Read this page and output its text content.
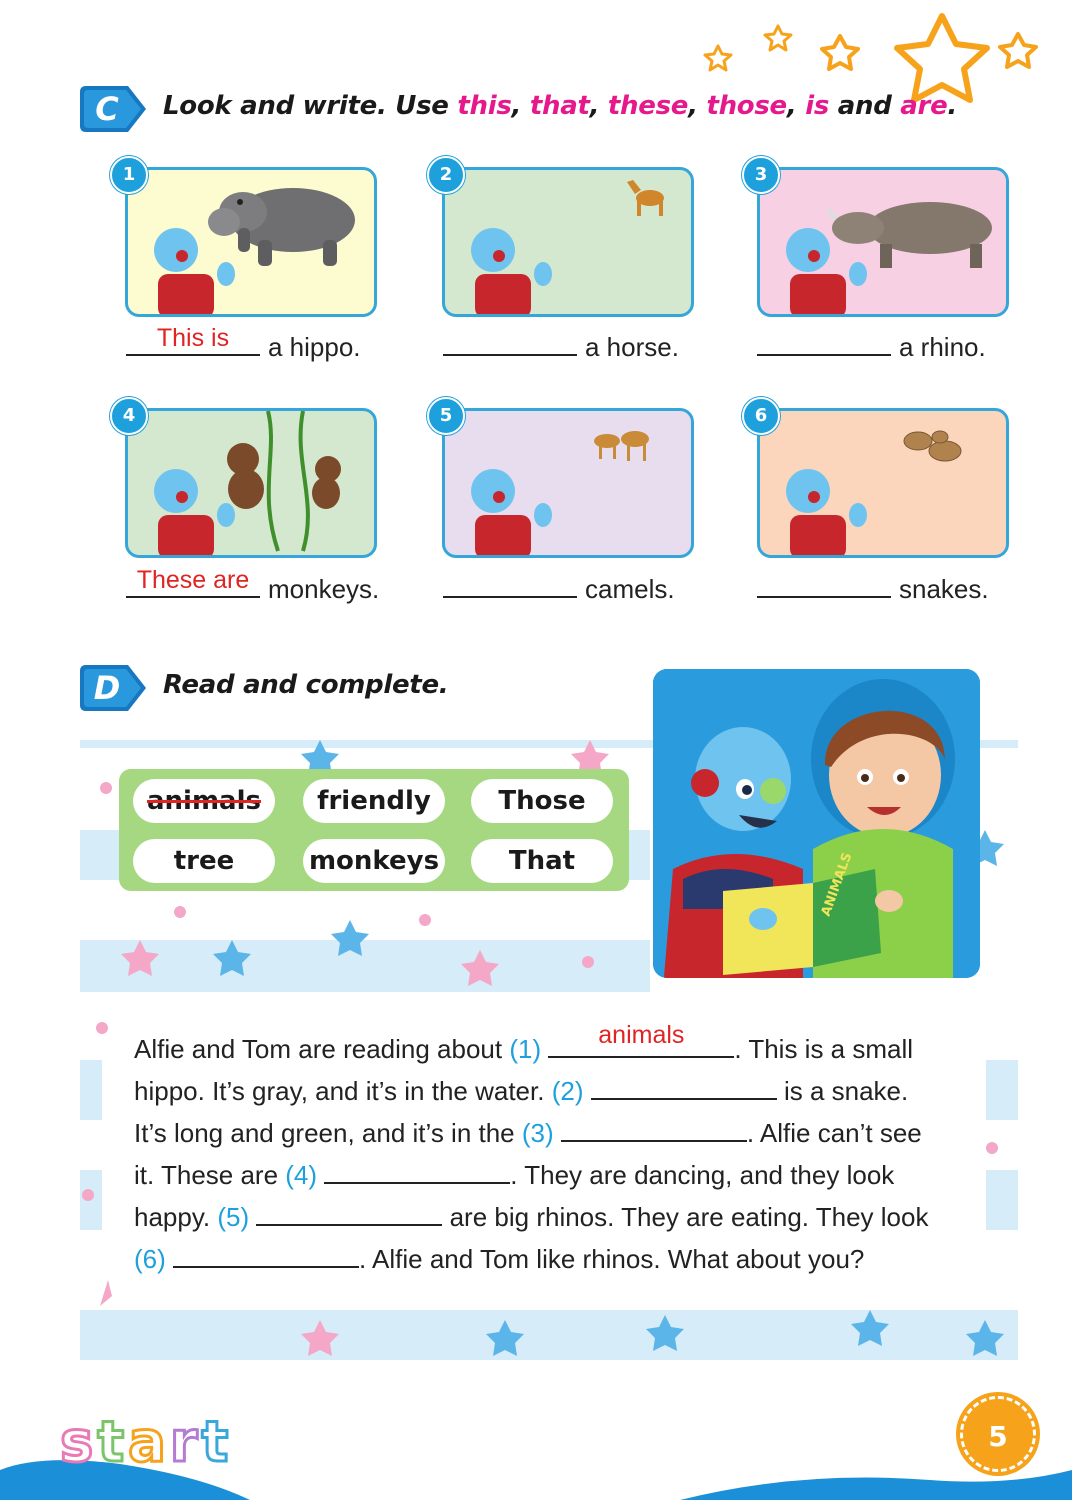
C Look and write. Use this, that, these, those, is and are.
1
This is	a hippo.
2
a horse.
3
a rhino.
4
These are monkeys.
5
camels.
6
snakes.
D Read and complete.
animals	friendly	Those
tree	monkeys	That	ANIMALS
Alfie and Tom are reading about (1)	animals	. This is a small
hippo. It’s gray, and it’s in the water. (2)	is a snake.
It’s long and green, and it’s in the (3)	. Alfie can’t see
it. These are (4)	. They are dancing, and they look
happy. (5)	are big rhinos. They are eating. They look
(6)	. Alfie and Tom like rhinos. What about you?
start	5
